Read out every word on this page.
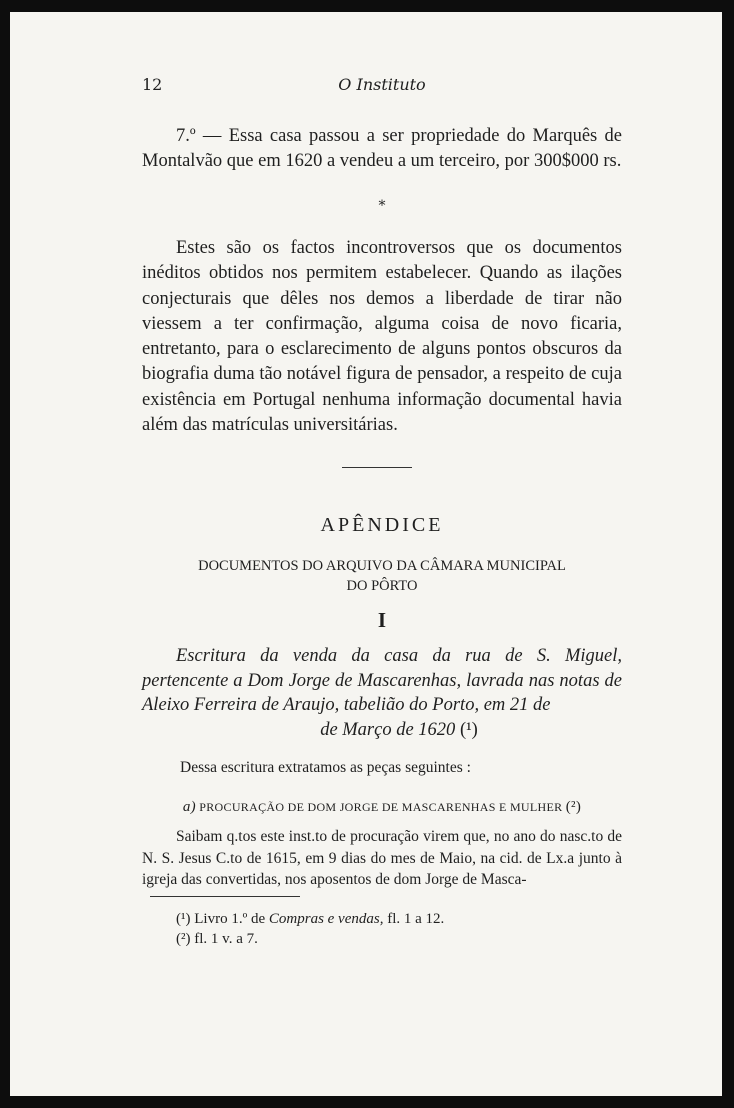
12	O Instituto

7.º — Essa casa passou a ser propriedade do Marquês de Montalvão que em 1620 a vendeu a um terceiro, por 300$000 rs.

*

Estes são os factos incontroversos que os documentos inéditos obtidos nos permitem estabelecer. Quando as ilações conjecturais que dêles nos demos a liberdade de tirar não viessem a ter confirmação, alguma coisa de novo ficaria, entretanto, para o esclarecimento de alguns pontos obscuros da biografia duma tão notável figura de pensador, a respeito de cuja existência em Portugal nenhuma informação documental havia além das matrículas universitárias.

APÊNDICE
DOCUMENTOS DO ARQUIVO DA CÂMARA MUNICIPAL
DO PÔRTO
I

Escritura da venda da casa da rua de S. Miguel, pertencente a Dom Jorge de Mascarenhas, lavrada nas notas de Aleixo Ferreira de Araujo, tabelião do Porto, em 21 de
de Março de 1620 (¹)

Dessa escritura extratamos as peças seguintes :
a) PROCURAÇÃO DE DOM JORGE DE MASCARENHAS E MULHER (²)

Saibam q.tos este inst.to de procuração virem que, no ano do nasc.to de N. S. Jesus C.to de 1615, em 9 dias do mes de Maio, na cid. de Lx.a junto à igreja das convertidas, nos aposentos de dom Jorge de Masca-

(¹) Livro 1.º de Compras e vendas, fl. 1 a 12.
(²) fl. 1 v. a 7.
